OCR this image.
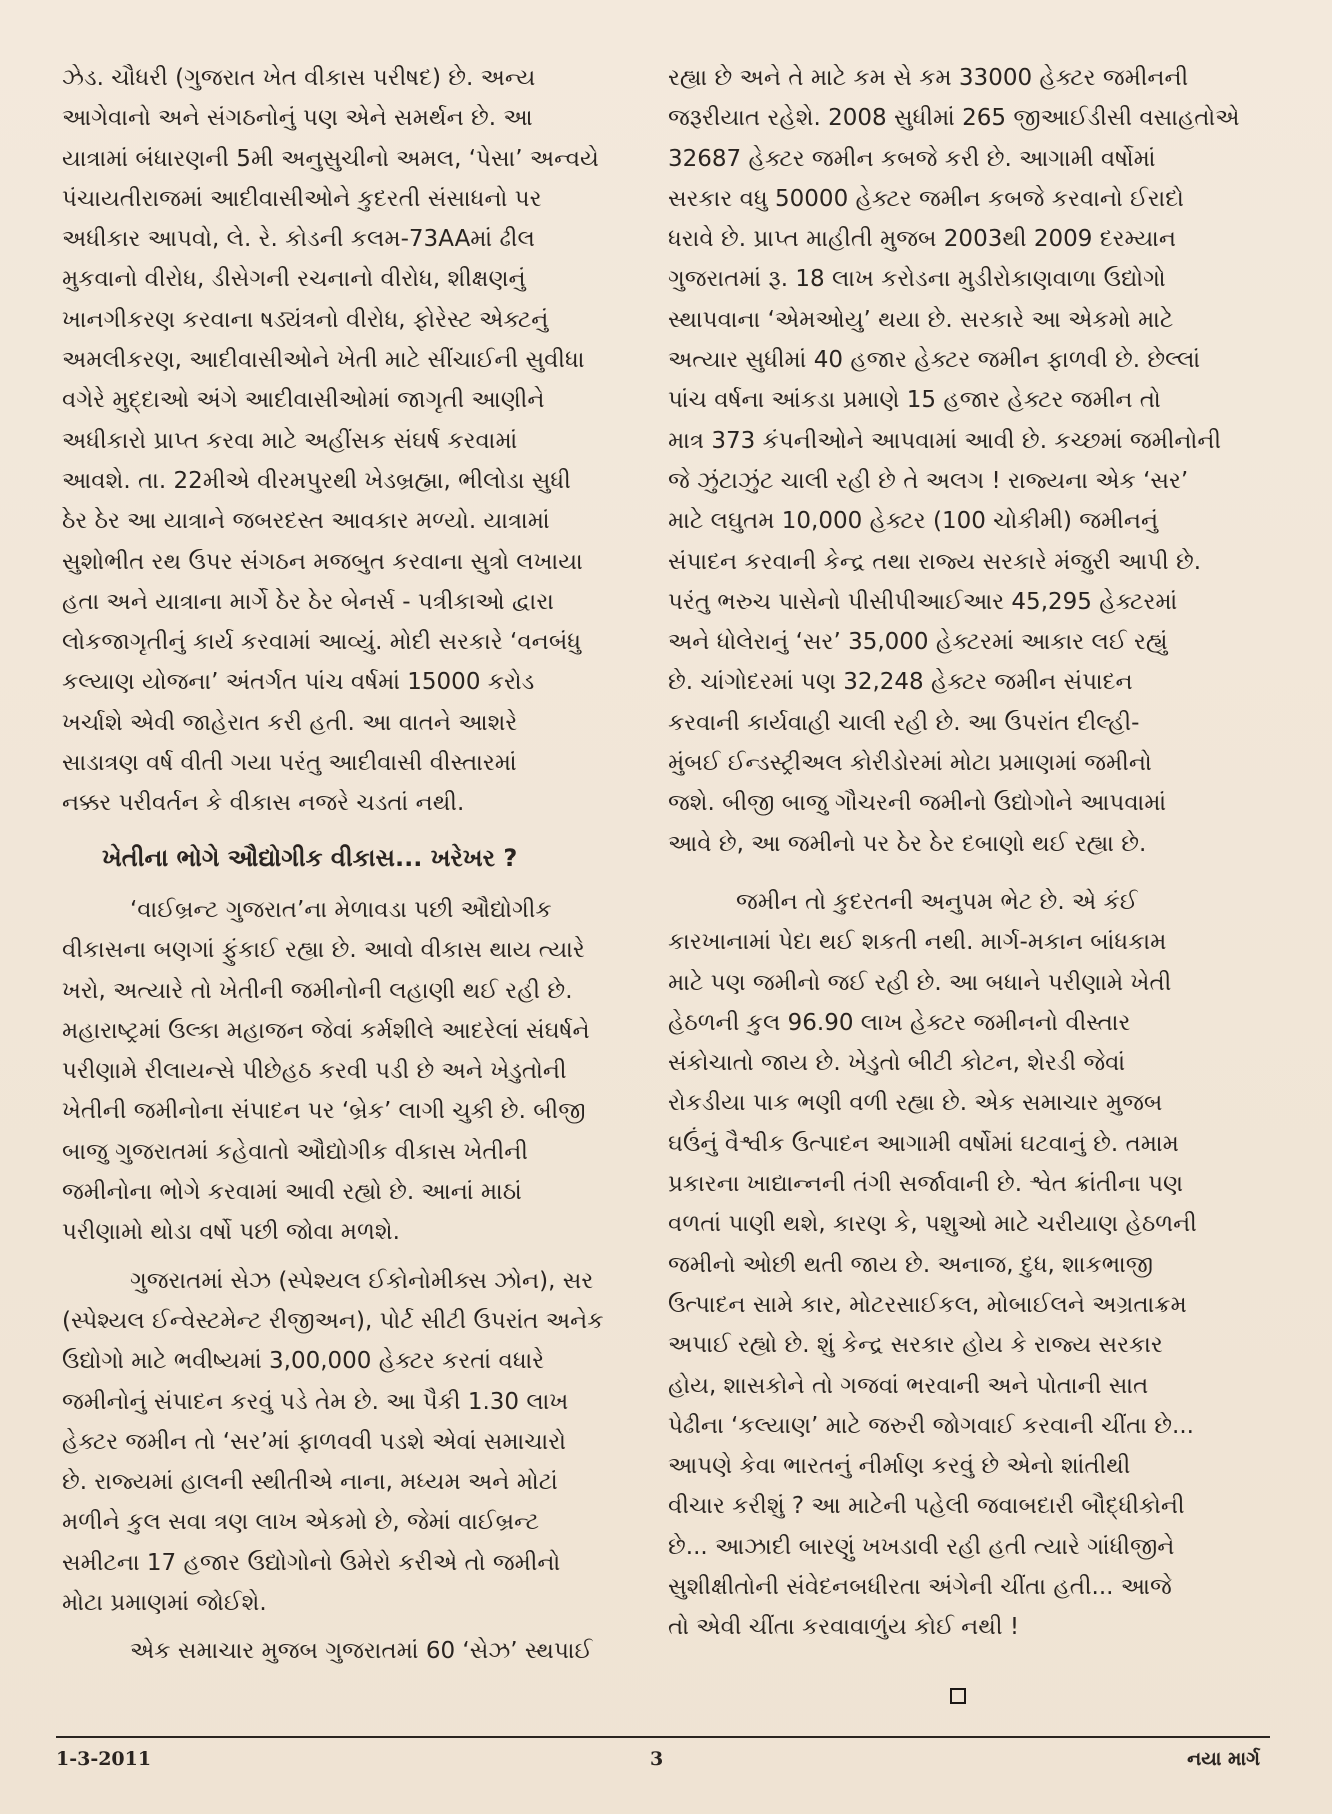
ઝેડ. ચૌધરી (ગુજરાત ખેત વીકાસ પરીષદ) છે. અન્ય
આગેવાનો અને સંગઠનોનું પણ એને સમર્થન છે. આ
યાત્રામાં બંધારણની 5મી અનુસુચીનો અમલ, ‘પેસા’ અન્વયે
પંચાયતીરાજમાં આદીવાસીઓને કુદરતી સંસાધનો પર
અધીકાર આપવો, લે. રે. કોડની કલમ-73AAમાં ઢીલ
મુકવાનો વીરોધ, ડીસેગની રચનાનો વીરોધ, શીક્ષણનું
ખાનગીકરણ કરવાના ષડ્યંત્રનો વીરોધ, ફોરેસ્ટ એક્ટનું
અમલીકરણ, આદીવાસીઓને ખેતી માટે સીંચાઈની સુવીધા
વગેરે મુદ્દાઓ અંગે આદીવાસીઓમાં જાગૃતી આણીને
અધીકારો પ્રાપ્ત કરવા માટે અહીંસક સંઘર્ષ કરવામાં
આવશે. તા. 22મીએ વીરમપુરથી ખેડબ્રહ્મા, ભીલોડા સુધી
ઠેર ઠેર આ યાત્રાને જબરદસ્ત આવકાર મળ્યો. યાત્રામાં
સુશોભીત રથ ઉપર સંગઠન મજબુત કરવાના સુત્રો લખાયા
હતા અને યાત્રાના માર્ગે ઠેર ઠેર બેનર્સ - પત્રીકાઓ દ્વારા
લોકજાગૃતીનું કાર્ય કરવામાં આવ્યું. મોદી સરકારે ‘વનબંધુ
કલ્યાણ યોજના’ અંતર્ગત પાંચ વર્ષમાં 15000 કરોડ
ખર્ચાશે એવી જાહેરાત કરી હતી. આ વાતને આશરે
સાડાત્રણ વર્ષ વીતી ગયા પરંતુ આદીવાસી વીસ્તારમાં
નક્કર પરીવર્તન કે વીકાસ નજરે ચડતાં નથી.
ખેતીના ભોગે ઔદ્યોગીક વીકાસ... ખરેખર ?
‘વાઈબ્રન્ટ ગુજરાત’ના મેળાવડા પછી ઔદ્યોગીક
વીકાસના બણગાં ફુંકાઈ રહ્યા છે. આવો વીકાસ થાય ત્યારે
ખરો, અત્યારે તો ખેતીની જમીનોની લહાણી થઈ રહી છે.
મહારાષ્ટ્રમાં ઉલ્કા મહાજન જેવાં કર્મશીલે આદરેલાં સંઘર્ષને
પરીણામે રીલાયન્સે પીછેહઠ કરવી પડી છે અને ખેડુતોની
ખેતીની જમીનોના સંપાદન પર ‘બ્રેક’ લાગી ચુકી છે. બીજી
બાજુ ગુજરાતમાં કહેવાતો ઔદ્યોગીક વીકાસ ખેતીની
જમીનોના ભોગે કરવામાં આવી રહ્યો છે. આનાં માઠાં
પરીણામો થોડા વર્ષો પછી જોવા મળશે.
ગુજરાતમાં સેઝ (સ્પેશ્યલ ઈકોનોમીક્સ ઝોન), સર
(સ્પેશ્યલ ઈન્વેસ્ટમેન્ટ રીજીઅન), પોર્ટ સીટી ઉપરાંત અનેક
ઉદ્યોગો માટે ભવીષ્યમાં 3,00,000 હેક્ટર કરતાં વધારે
જમીનોનું સંપાદન કરવું પડે તેમ છે. આ પૈકી 1.30 લાખ
હેક્ટર જમીન તો ‘સર’માં ફાળવવી પડશે એવાં સમાચારો
છે. રાજ્યમાં હાલની સ્થીતીએ નાના, મધ્યમ અને મોટાં
મળીને કુલ સવા ત્રણ લાખ એકમો છે, જેમાં વાઈબ્રન્ટ
સમીટના 17 હજાર ઉદ્યોગોનો ઉમેરો કરીએ તો જમીનો
મોટા પ્રમાણમાં જોઈશે.
એક સમાચાર મુજબ ગુજરાતમાં 60 ‘સેઝ’ સ્થપાઈ
રહ્યા છે અને તે માટે કમ સે કમ 33000 હેક્ટર જમીનની
જરૂરીયાત રહેશે. 2008 સુધીમાં 265 જીઆઈડીસી વસાહતોએ
32687 હેક્ટર જમીન કબજે કરી છે. આગામી વર્ષોમાં
સરકાર વધુ 50000 હેક્ટર જમીન કબજે કરવાનો ઈરાદો
ધરાવે છે. પ્રાપ્ત માહીતી મુજબ 2003થી 2009 દરમ્યાન
ગુજરાતમાં રૂ. 18 લાખ કરોડના મુડીરોકાણવાળા ઉદ્યોગો
સ્થાપવાના ‘એમઓયુ’ થયા છે. સરકારે આ એકમો માટે
અત્યાર સુધીમાં 40 હજાર હેક્ટર જમીન ફાળવી છે. છેલ્લાં
પાંચ વર્ષના આંકડા પ્રમાણે 15 હજાર હેક્ટર જમીન તો
માત્ર 373 કંપનીઓને આપવામાં આવી છે. કચ્છમાં જમીનોની
જે ઝુંટાઝુંટ ચાલી રહી છે તે અલગ ! રાજ્યના એક ‘સર’
માટે લઘુતમ 10,000 હેક્ટર (100 ચોકીમી) જમીનનું
સંપાદન કરવાની કેન્દ્ર તથા રાજ્ય સરકારે મંજુરી આપી છે.
પરંતુ ભરુચ પાસેનો પીસીપીઆઈઆર 45,295 હેક્ટરમાં
અને ધોલેરાનું ‘સર’ 35,000 હેક્ટરમાં આકાર લઈ રહ્યું
છે. ચાંગોદરમાં પણ 32,248 હેક્ટર જમીન સંપાદન
કરવાની કાર્યવાહી ચાલી રહી છે. આ ઉપરાંત દીલ્હી-
મુંબઈ ઈન્ડસ્ટ્રીઅલ કોરીડોરમાં મોટા પ્રમાણમાં જમીનો
જશે. બીજી બાજુ ગૌચરની જમીનો ઉદ્યોગોને આપવામાં
આવે છે, આ જમીનો પર ઠેર ઠેર દબાણો થઈ રહ્યા છે.
જમીન તો કુદરતની અનુપમ ભેટ છે. એ કંઈ
કારખાનામાં પેદા થઈ શકતી નથી. માર્ગ-મકાન બાંધકામ
માટે પણ જમીનો જઈ રહી છે. આ બધાને પરીણામે ખેતી
હેઠળની કુલ 96.90 લાખ હેક્ટર જમીનનો વીસ્તાર
સંકોચાતો જાય છે. ખેડુતો બીટી કોટન, શેરડી જેવાં
રોકડીયા પાક ભણી વળી રહ્યા છે. એક સમાચાર મુજબ
ઘઉંનું વૈશ્વીક ઉત્પાદન આગામી વર્ષોમાં ઘટવાનું છે. તમામ
પ્રકારના ખાદ્યાન્નની તંગી સર્જાવાની છે. શ્વેત ક્રાંતીના પણ
વળતાં પાણી થશે, કારણ કે, પશુઓ માટે ચરીયાણ હેઠળની
જમીનો ઓછી થતી જાય છે. અનાજ, દુધ, શાકભાજી
ઉત્પાદન સામે કાર, મોટરસાઈકલ, મોબાઈલને અગ્રતાક્રમ
અપાઈ રહ્યો છે. શું કેન્દ્ર સરકાર હોય કે રાજ્ય સરકાર
હોય, શાસકોને તો ગજવાં ભરવાની અને પોતાની સાત
પેઢીના ‘કલ્યાણ’ માટે જરુરી જોગવાઈ કરવાની ચીંતા છે...
આપણે કેવા ભારતનું નીર્માણ કરવું છે એનો શાંતીથી
વીચાર કરીશું ? આ માટેની પહેલી જવાબદારી બૌદ્ધીકોની
છે... આઝાદી બારણું ખખડાવી રહી હતી ત્યારે ગાંધીજીને
સુશીક્ષીતોની સંવેદનબધીરતા અંગેની ચીંતા હતી... આજે
તો એવી ચીંતા કરવાવાળુંય કોઈ નથી !
1-3-2011	3	નયા માર્ગ
